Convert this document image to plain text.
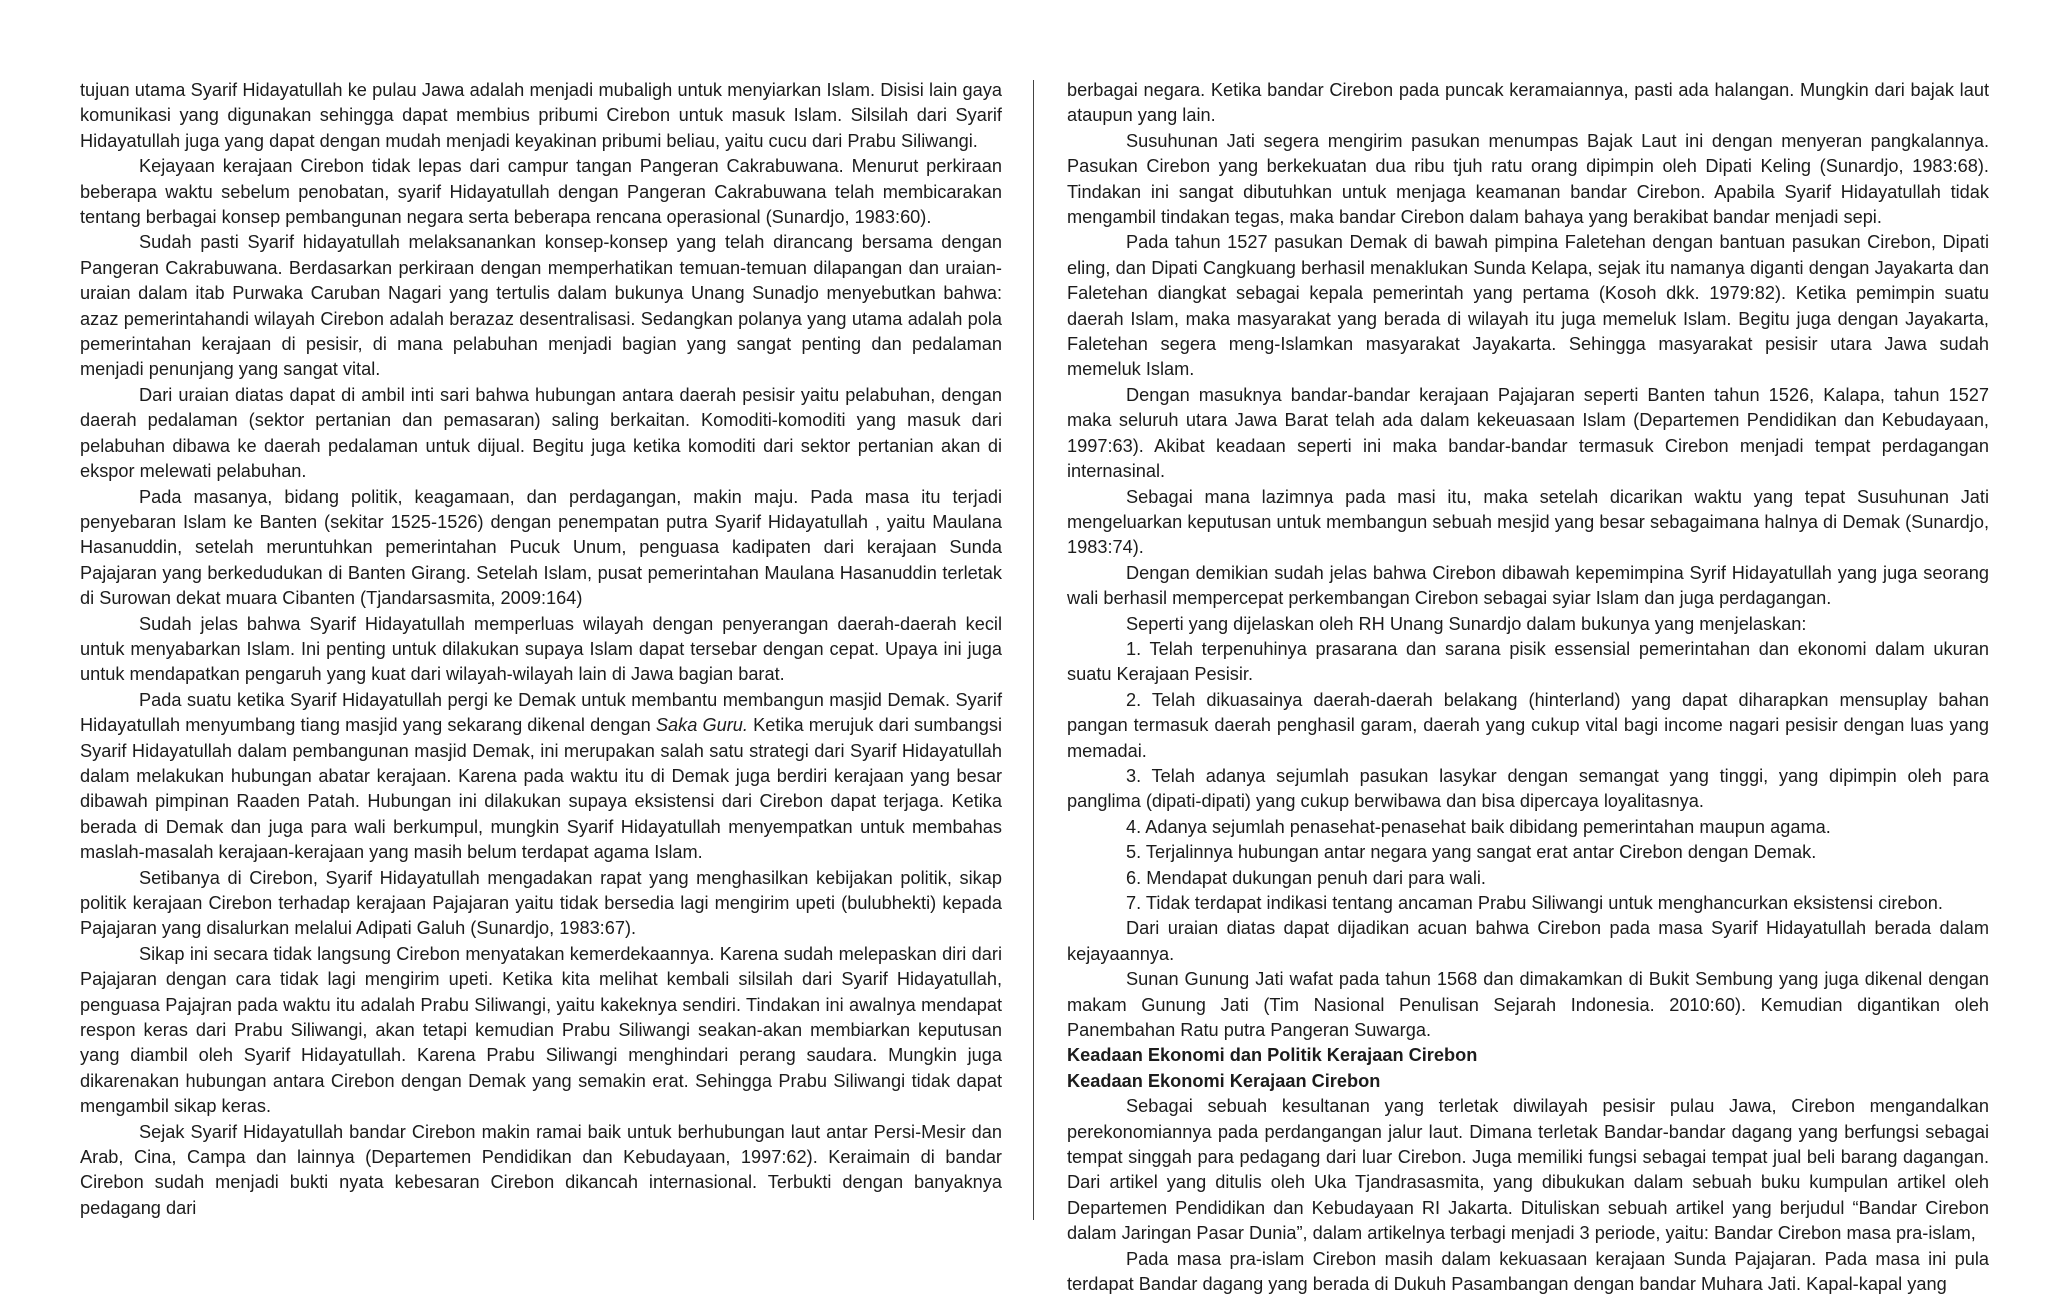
tujuan utama Syarif Hidayatullah ke pulau Jawa adalah menjadi mubaligh untuk menyiarkan Islam. Disisi lain gaya komunikasi yang digunakan sehingga dapat membius pribumi Cirebon untuk masuk Islam. Silsilah dari Syarif Hidayatullah juga yang dapat dengan mudah menjadi keyakinan pribumi beliau, yaitu cucu dari Prabu Siliwangi.

Kejayaan kerajaan Cirebon tidak lepas dari campur tangan Pangeran Cakrabuwana. Menurut perkiraan beberapa waktu sebelum penobatan, syarif Hidayatullah dengan Pangeran Cakrabuwana telah membicarakan tentang berbagai konsep pembangunan negara serta beberapa rencana operasional (Sunardjo, 1983:60).

Sudah pasti Syarif hidayatullah melaksanankan konsep-konsep yang telah dirancang bersama dengan Pangeran Cakrabuwana. Berdasarkan perkiraan dengan memperhatikan temuan-temuan dilapangan dan uraian-uraian dalam itab Purwaka Caruban Nagari yang tertulis dalam bukunya Unang Sunadjo menyebutkan bahwa: azaz pemerintahandi wilayah Cirebon adalah berazaz desentralisasi. Sedangkan polanya yang utama adalah pola pemerintahan kerajaan di pesisir, di mana pelabuhan menjadi bagian yang sangat penting dan pedalaman menjadi penunjang yang sangat vital.

Dari uraian diatas dapat di ambil inti sari bahwa hubungan antara daerah pesisir yaitu pelabuhan, dengan daerah pedalaman (sektor pertanian dan pemasaran) saling berkaitan. Komoditi-komoditi yang masuk dari pelabuhan dibawa ke daerah pedalaman untuk dijual. Begitu juga ketika komoditi dari sektor pertanian akan di ekspor melewati pelabuhan.

Pada masanya, bidang politik, keagamaan, dan perdagangan, makin maju. Pada masa itu terjadi penyebaran Islam ke Banten (sekitar 1525-1526) dengan penempatan putra Syarif Hidayatullah , yaitu Maulana Hasanuddin, setelah meruntuhkan pemerintahan Pucuk Unum, penguasa kadipaten dari kerajaan Sunda Pajajaran yang berkedudukan di Banten Girang. Setelah Islam, pusat pemerintahan Maulana Hasanuddin terletak di Surowan dekat muara Cibanten (Tjandarsasmita, 2009:164)

Sudah jelas bahwa Syarif Hidayatullah memperluas wilayah dengan penyerangan daerah-daerah kecil untuk menyabarkan Islam. Ini penting untuk dilakukan supaya Islam dapat tersebar dengan cepat. Upaya ini juga untuk mendapatkan pengaruh yang kuat dari wilayah-wilayah lain di Jawa bagian barat.

Pada suatu ketika Syarif Hidayatullah pergi ke Demak untuk membantu membangun masjid Demak. Syarif Hidayatullah menyumbang tiang masjid yang sekarang dikenal dengan Saka Guru. Ketika merujuk dari sumbangsi Syarif Hidayatullah dalam pembangunan masjid Demak, ini merupakan salah satu strategi dari Syarif Hidayatullah dalam melakukan hubungan abatar kerajaan. Karena pada waktu itu di Demak juga berdiri kerajaan yang besar dibawah pimpinan Raaden Patah. Hubungan ini dilakukan supaya eksistensi dari Cirebon dapat terjaga. Ketika berada di Demak dan juga para wali berkumpul, mungkin Syarif Hidayatullah menyempatkan untuk membahas maslah-masalah kerajaan-kerajaan yang masih belum terdapat agama Islam.

Setibanya di Cirebon, Syarif Hidayatullah mengadakan rapat yang menghasilkan kebijakan politik, sikap politik kerajaan Cirebon terhadap kerajaan Pajajaran yaitu tidak bersedia lagi mengirim upeti (bulubhekti) kepada Pajajaran yang disalurkan melalui Adipati Galuh (Sunardjo, 1983:67).

Sikap ini secara tidak langsung Cirebon menyatakan kemerdekaannya. Karena sudah melepaskan diri dari Pajajaran dengan cara tidak lagi mengirim upeti. Ketika kita melihat kembali silsilah dari Syarif Hidayatullah, penguasa Pajajran pada waktu itu adalah Prabu Siliwangi, yaitu kakeknya sendiri. Tindakan ini awalnya mendapat respon keras dari Prabu Siliwangi, akan tetapi kemudian Prabu Siliwangi seakan-akan membiarkan keputusan yang diambil oleh Syarif Hidayatullah. Karena Prabu Siliwangi menghindari perang saudara. Mungkin juga dikarenakan hubungan antara Cirebon dengan Demak yang semakin erat. Sehingga Prabu Siliwangi tidak dapat mengambil sikap keras.

Sejak Syarif Hidayatullah bandar Cirebon makin ramai baik untuk berhubungan laut antar Persi-Mesir dan Arab, Cina, Campa dan lainnya (Departemen Pendidikan dan Kebudayaan, 1997:62). Keraimain di bandar Cirebon sudah menjadi bukti nyata kebesaran Cirebon dikancah internasional. Terbukti dengan banyaknya pedagang dari

berbagai negara. Ketika bandar Cirebon pada puncak keramaiannya, pasti ada halangan. Mungkin dari bajak laut ataupun yang lain.

Susuhunan Jati segera mengirim pasukan menumpas Bajak Laut ini dengan menyeran pangkalannya. Pasukan Cirebon yang berkekuatan dua ribu tjuh ratu orang dipimpin oleh Dipati Keling (Sunardjo, 1983:68). Tindakan ini sangat dibutuhkan untuk menjaga keamanan bandar Cirebon. Apabila Syarif Hidayatullah tidak mengambil tindakan tegas, maka bandar Cirebon dalam bahaya yang berakibat bandar menjadi sepi.

Pada tahun 1527 pasukan Demak di bawah pimpina Faletehan dengan bantuan pasukan Cirebon, Dipati eling, dan Dipati Cangkuang berhasil menaklukan Sunda Kelapa, sejak itu namanya diganti dengan Jayakarta dan Faletehan diangkat sebagai kepala pemerintah yang pertama (Kosoh dkk. 1979:82). Ketika pemimpin suatu daerah Islam, maka masyarakat yang berada di wilayah itu juga memeluk Islam. Begitu juga dengan Jayakarta, Faletehan segera meng-Islamkan masyarakat Jayakarta. Sehingga masyarakat pesisir utara Jawa sudah memeluk Islam.

Dengan masuknya bandar-bandar kerajaan Pajajaran seperti Banten tahun 1526, Kalapa, tahun 1527 maka seluruh utara Jawa Barat telah ada dalam kekeuasaan Islam (Departemen Pendidikan dan Kebudayaan, 1997:63). Akibat keadaan seperti ini maka bandar-bandar termasuk Cirebon menjadi tempat perdagangan internasinal.

Sebagai mana lazimnya pada masi itu, maka setelah dicarikan waktu yang tepat Susuhunan Jati mengeluarkan keputusan untuk membangun sebuah mesjid yang besar sebagaimana halnya di Demak (Sunardjo, 1983:74).

Dengan demikian sudah jelas bahwa Cirebon dibawah kepemimpina Syrif Hidayatullah yang juga seorang wali berhasil mempercepat perkembangan Cirebon sebagai syiar Islam dan juga perdagangan.

Seperti yang dijelaskan oleh RH Unang Sunardjo dalam bukunya yang menjelaskan:

1. Telah terpenuhinya prasarana dan sarana pisik essensial pemerintahan dan ekonomi dalam ukuran suatu Kerajaan Pesisir.

2. Telah dikuasainya daerah-daerah belakang (hinterland) yang dapat diharapkan mensuplay bahan pangan termasuk daerah penghasil garam, daerah yang cukup vital bagi income nagari pesisir dengan luas yang memadai.

3. Telah adanya sejumlah pasukan lasykar dengan semangat yang tinggi, yang dipimpin oleh para panglima (dipati-dipati) yang cukup berwibawa dan bisa dipercaya loyalitasnya.

4. Adanya sejumlah penasehat-penasehat baik dibidang pemerintahan maupun agama.

5. Terjalinnya hubungan antar negara yang sangat erat antar Cirebon dengan Demak.

6. Mendapat dukungan penuh dari para wali.

7. Tidak terdapat indikasi tentang ancaman Prabu Siliwangi untuk menghancurkan eksistensi cirebon.

Dari uraian diatas dapat dijadikan acuan bahwa Cirebon pada masa Syarif Hidayatullah berada dalam kejayaannya.

Sunan Gunung Jati wafat pada tahun 1568 dan dimakamkan di Bukit Sembung yang juga dikenal dengan makam Gunung Jati (Tim Nasional Penulisan Sejarah Indonesia. 2010:60). Kemudian digantikan oleh Panembahan Ratu putra Pangeran Suwarga.

Keadaan Ekonomi dan Politik Kerajaan Cirebon
Keadaan Ekonomi Kerajaan Cirebon

Sebagai sebuah kesultanan yang terletak diwilayah pesisir pulau Jawa, Cirebon mengandalkan perekonomiannya pada perdangangan jalur laut. Dimana terletak Bandar-bandar dagang yang berfungsi sebagai tempat singgah para pedagang dari luar Cirebon. Juga memiliki fungsi sebagai tempat jual beli barang dagangan. Dari artikel yang ditulis oleh Uka Tjandrasasmita, yang dibukukan dalam sebuah buku kumpulan artikel oleh Departemen Pendidikan dan Kebudayaan RI Jakarta. Dituliskan sebuah artikel yang berjudul “Bandar Cirebon dalam Jaringan Pasar Dunia”, dalam artikelnya terbagi menjadi 3 periode, yaitu: Bandar Cirebon masa pra-islam,

Pada masa pra-islam Cirebon masih dalam kekuasaan kerajaan Sunda Pajajaran. Pada masa ini pula terdapat Bandar dagang yang berada di Dukuh Pasambangan dengan bandar Muhara Jati. Kapal-kapal yang
